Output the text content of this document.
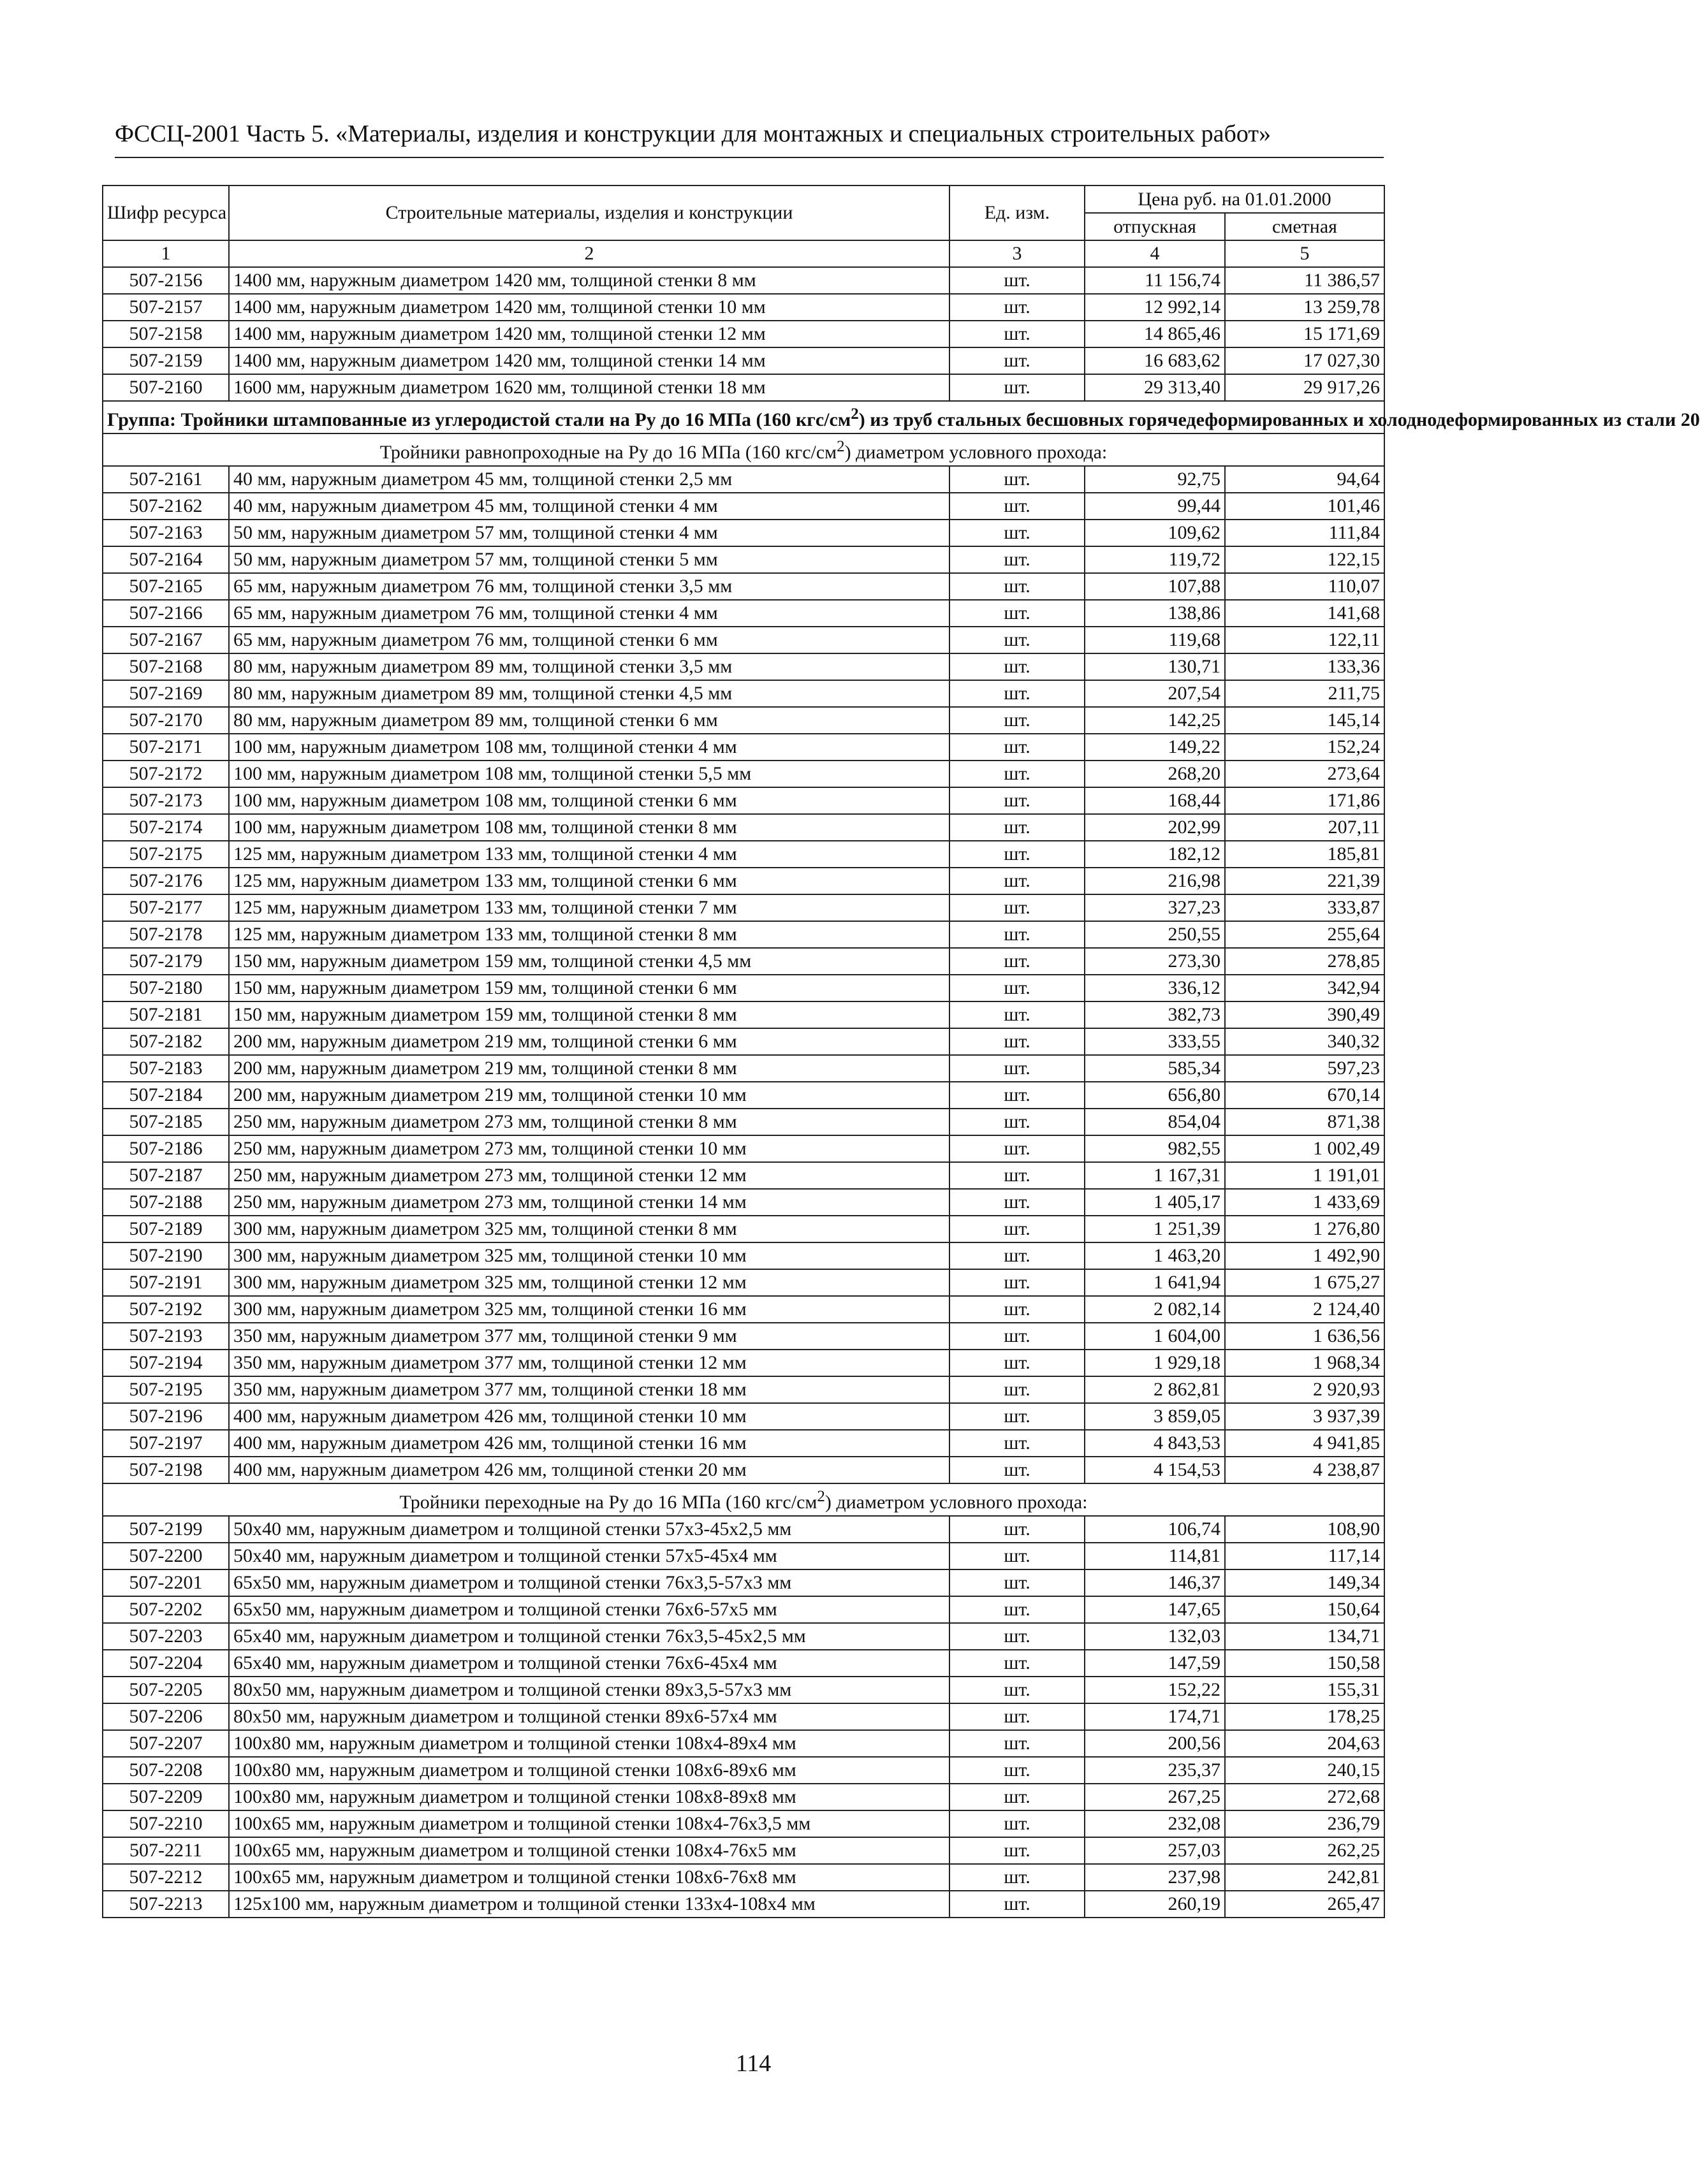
ФССЦ-2001 Часть 5. «Материалы, изделия и конструкции для монтажных и специальных строительных работ»
Шифр ресурса	Строительные материалы, изделия и конструкции	Ед. изм.	Цена руб. на 01.01.2000	
			отпускная	сметная
1	2	3	4	5
507-2156	1400 мм, наружным диаметром 1420 мм, толщиной стенки 8 мм	шт.	11 156,74	11 386,57
507-2157	1400 мм, наружным диаметром 1420 мм, толщиной стенки 10 мм	шт.	12 992,14	13 259,78
507-2158	1400 мм, наружным диаметром 1420 мм, толщиной стенки 12 мм	шт.	14 865,46	15 171,69
507-2159	1400 мм, наружным диаметром 1420 мм, толщиной стенки 14 мм	шт.	16 683,62	17 027,30
507-2160	1600 мм, наружным диаметром 1620 мм, толщиной стенки 18 мм	шт.	29 313,40	29 917,26
Группа: Тройники штампованные из углеродистой стали на Ру до 16 МПа (160 кгс/$см^2$) из труб стальных бесшовных горячедеформированных и холоднодеформированных из стали 20				
Тройники равнопроходные на Ру до 16 МПа (160 кгс/$см^2$) диаметром условного прохода:				
507-2161	40 мм, наружным диаметром 45 мм, толщиной стенки 2,5 мм	шт.	92,75	94,64
507-2162	40 мм, наружным диаметром 45 мм, толщиной стенки 4 мм	шт.	99,44	101,46
507-2163	50 мм, наружным диаметром 57 мм, толщиной стенки 4 мм	шт.	109,62	111,84
507-2164	50 мм, наружным диаметром 57 мм, толщиной стенки 5 мм	шт.	119,72	122,15
507-2165	65 мм, наружным диаметром 76 мм, толщиной стенки 3,5 мм	шт.	107,88	110,07
507-2166	65 мм, наружным диаметром 76 мм, толщиной стенки 4 мм	шт.	138,86	141,68
507-2167	65 мм, наружным диаметром 76 мм, толщиной стенки 6 мм	шт.	119,68	122,11
507-2168	80 мм, наружным диаметром 89 мм, толщиной стенки 3,5 мм	шт.	130,71	133,36
507-2169	80 мм, наружным диаметром 89 мм, толщиной стенки 4,5 мм	шт.	207,54	211,75
507-2170	80 мм, наружным диаметром 89 мм, толщиной стенки 6 мм	шт.	142,25	145,14
507-2171	100 мм, наружным диаметром 108 мм, толщиной стенки 4 мм	шт.	149,22	152,24
507-2172	100 мм, наружным диаметром 108 мм, толщиной стенки 5,5 мм	шт.	268,20	273,64
507-2173	100 мм, наружным диаметром 108 мм, толщиной стенки 6 мм	шт.	168,44	171,86
507-2174	100 мм, наружным диаметром 108 мм, толщиной стенки 8 мм	шт.	202,99	207,11
507-2175	125 мм, наружным диаметром 133 мм, толщиной стенки 4 мм	шт.	182,12	185,81
507-2176	125 мм, наружным диаметром 133 мм, толщиной стенки 6 мм	шт.	216,98	221,39
507-2177	125 мм, наружным диаметром 133 мм, толщиной стенки 7 мм	шт.	327,23	333,87
507-2178	125 мм, наружным диаметром 133 мм, толщиной стенки 8 мм	шт.	250,55	255,64
507-2179	150 мм, наружным диаметром 159 мм, толщиной стенки 4,5 мм	шт.	273,30	278,85
507-2180	150 мм, наружным диаметром 159 мм, толщиной стенки 6 мм	шт.	336,12	342,94
507-2181	150 мм, наружным диаметром 159 мм, толщиной стенки 8 мм	шт.	382,73	390,49
507-2182	200 мм, наружным диаметром 219 мм, толщиной стенки 6 мм	шт.	333,55	340,32
507-2183	200 мм, наружным диаметром 219 мм, толщиной стенки 8 мм	шт.	585,34	597,23
507-2184	200 мм, наружным диаметром 219 мм, толщиной стенки 10 мм	шт.	656,80	670,14
507-2185	250 мм, наружным диаметром 273 мм, толщиной стенки 8 мм	шт.	854,04	871,38
507-2186	250 мм, наружным диаметром 273 мм, толщиной стенки 10 мм	шт.	982,55	1 002,49
507-2187	250 мм, наружным диаметром 273 мм, толщиной стенки 12 мм	шт.	1 167,31	1 191,01
507-2188	250 мм, наружным диаметром 273 мм, толщиной стенки 14 мм	шт.	1 405,17	1 433,69
507-2189	300 мм, наружным диаметром 325 мм, толщиной стенки 8 мм	шт.	1 251,39	1 276,80
507-2190	300 мм, наружным диаметром 325 мм, толщиной стенки 10 мм	шт.	1 463,20	1 492,90
507-2191	300 мм, наружным диаметром 325 мм, толщиной стенки 12 мм	шт.	1 641,94	1 675,27
507-2192	300 мм, наружным диаметром 325 мм, толщиной стенки 16 мм	шт.	2 082,14	2 124,40
507-2193	350 мм, наружным диаметром 377 мм, толщиной стенки 9 мм	шт.	1 604,00	1 636,56
507-2194	350 мм, наружным диаметром 377 мм, толщиной стенки 12 мм	шт.	1 929,18	1 968,34
507-2195	350 мм, наружным диаметром 377 мм, толщиной стенки 18 мм	шт.	2 862,81	2 920,93
507-2196	400 мм, наружным диаметром 426 мм, толщиной стенки 10 мм	шт.	3 859,05	3 937,39
507-2197	400 мм, наружным диаметром 426 мм, толщиной стенки 16 мм	шт.	4 843,53	4 941,85
507-2198	400 мм, наружным диаметром 426 мм, толщиной стенки 20 мм	шт.	4 154,53	4 238,87
Тройники переходные на Ру до 16 МПа (160 кгс/$см^2$) диаметром условного прохода:				
507-2199	50x40 мм, наружным диаметром и толщиной стенки 57x3-45x2,5 мм	шт.	106,74	108,90
507-2200	50x40 мм, наружным диаметром и толщиной стенки 57x5-45x4 мм	шт.	114,81	117,14
507-2201	65x50 мм, наружным диаметром и толщиной стенки 76x3,5-57x3 мм	шт.	146,37	149,34
507-2202	65x50 мм, наружным диаметром и толщиной стенки 76x6-57x5 мм	шт.	147,65	150,64
507-2203	65x40 мм, наружным диаметром и толщиной стенки 76x3,5-45x2,5 мм	шт.	132,03	134,71
507-2204	65x40 мм, наружным диаметром и толщиной стенки 76x6-45x4 мм	шт.	147,59	150,58
507-2205	80x50 мм, наружным диаметром и толщиной стенки 89x3,5-57x3 мм	шт.	152,22	155,31
507-2206	80x50 мм, наружным диаметром и толщиной стенки 89x6-57x4 мм	шт.	174,71	178,25
507-2207	100x80 мм, наружным диаметром и толщиной стенки 108x4-89x4 мм	шт.	200,56	204,63
507-2208	100x80 мм, наружным диаметром и толщиной стенки 108x6-89x6 мм	шт.	235,37	240,15
507-2209	100x80 мм, наружным диаметром и толщиной стенки 108x8-89x8 мм	шт.	267,25	272,68
507-2210	100x65 мм, наружным диаметром и толщиной стенки 108x4-76x3,5 мм	шт.	232,08	236,79
507-2211	100x65 мм, наружным диаметром и толщиной стенки 108x4-76x5 мм	шт.	257,03	262,25
507-2212	100x65 мм, наружным диаметром и толщиной стенки 108x6-76x8 мм	шт.	237,98	242,81
507-2213	125x100 мм, наружным диаметром и толщиной стенки 133x4-108x4 мм	шт.	260,19	265,47
114
